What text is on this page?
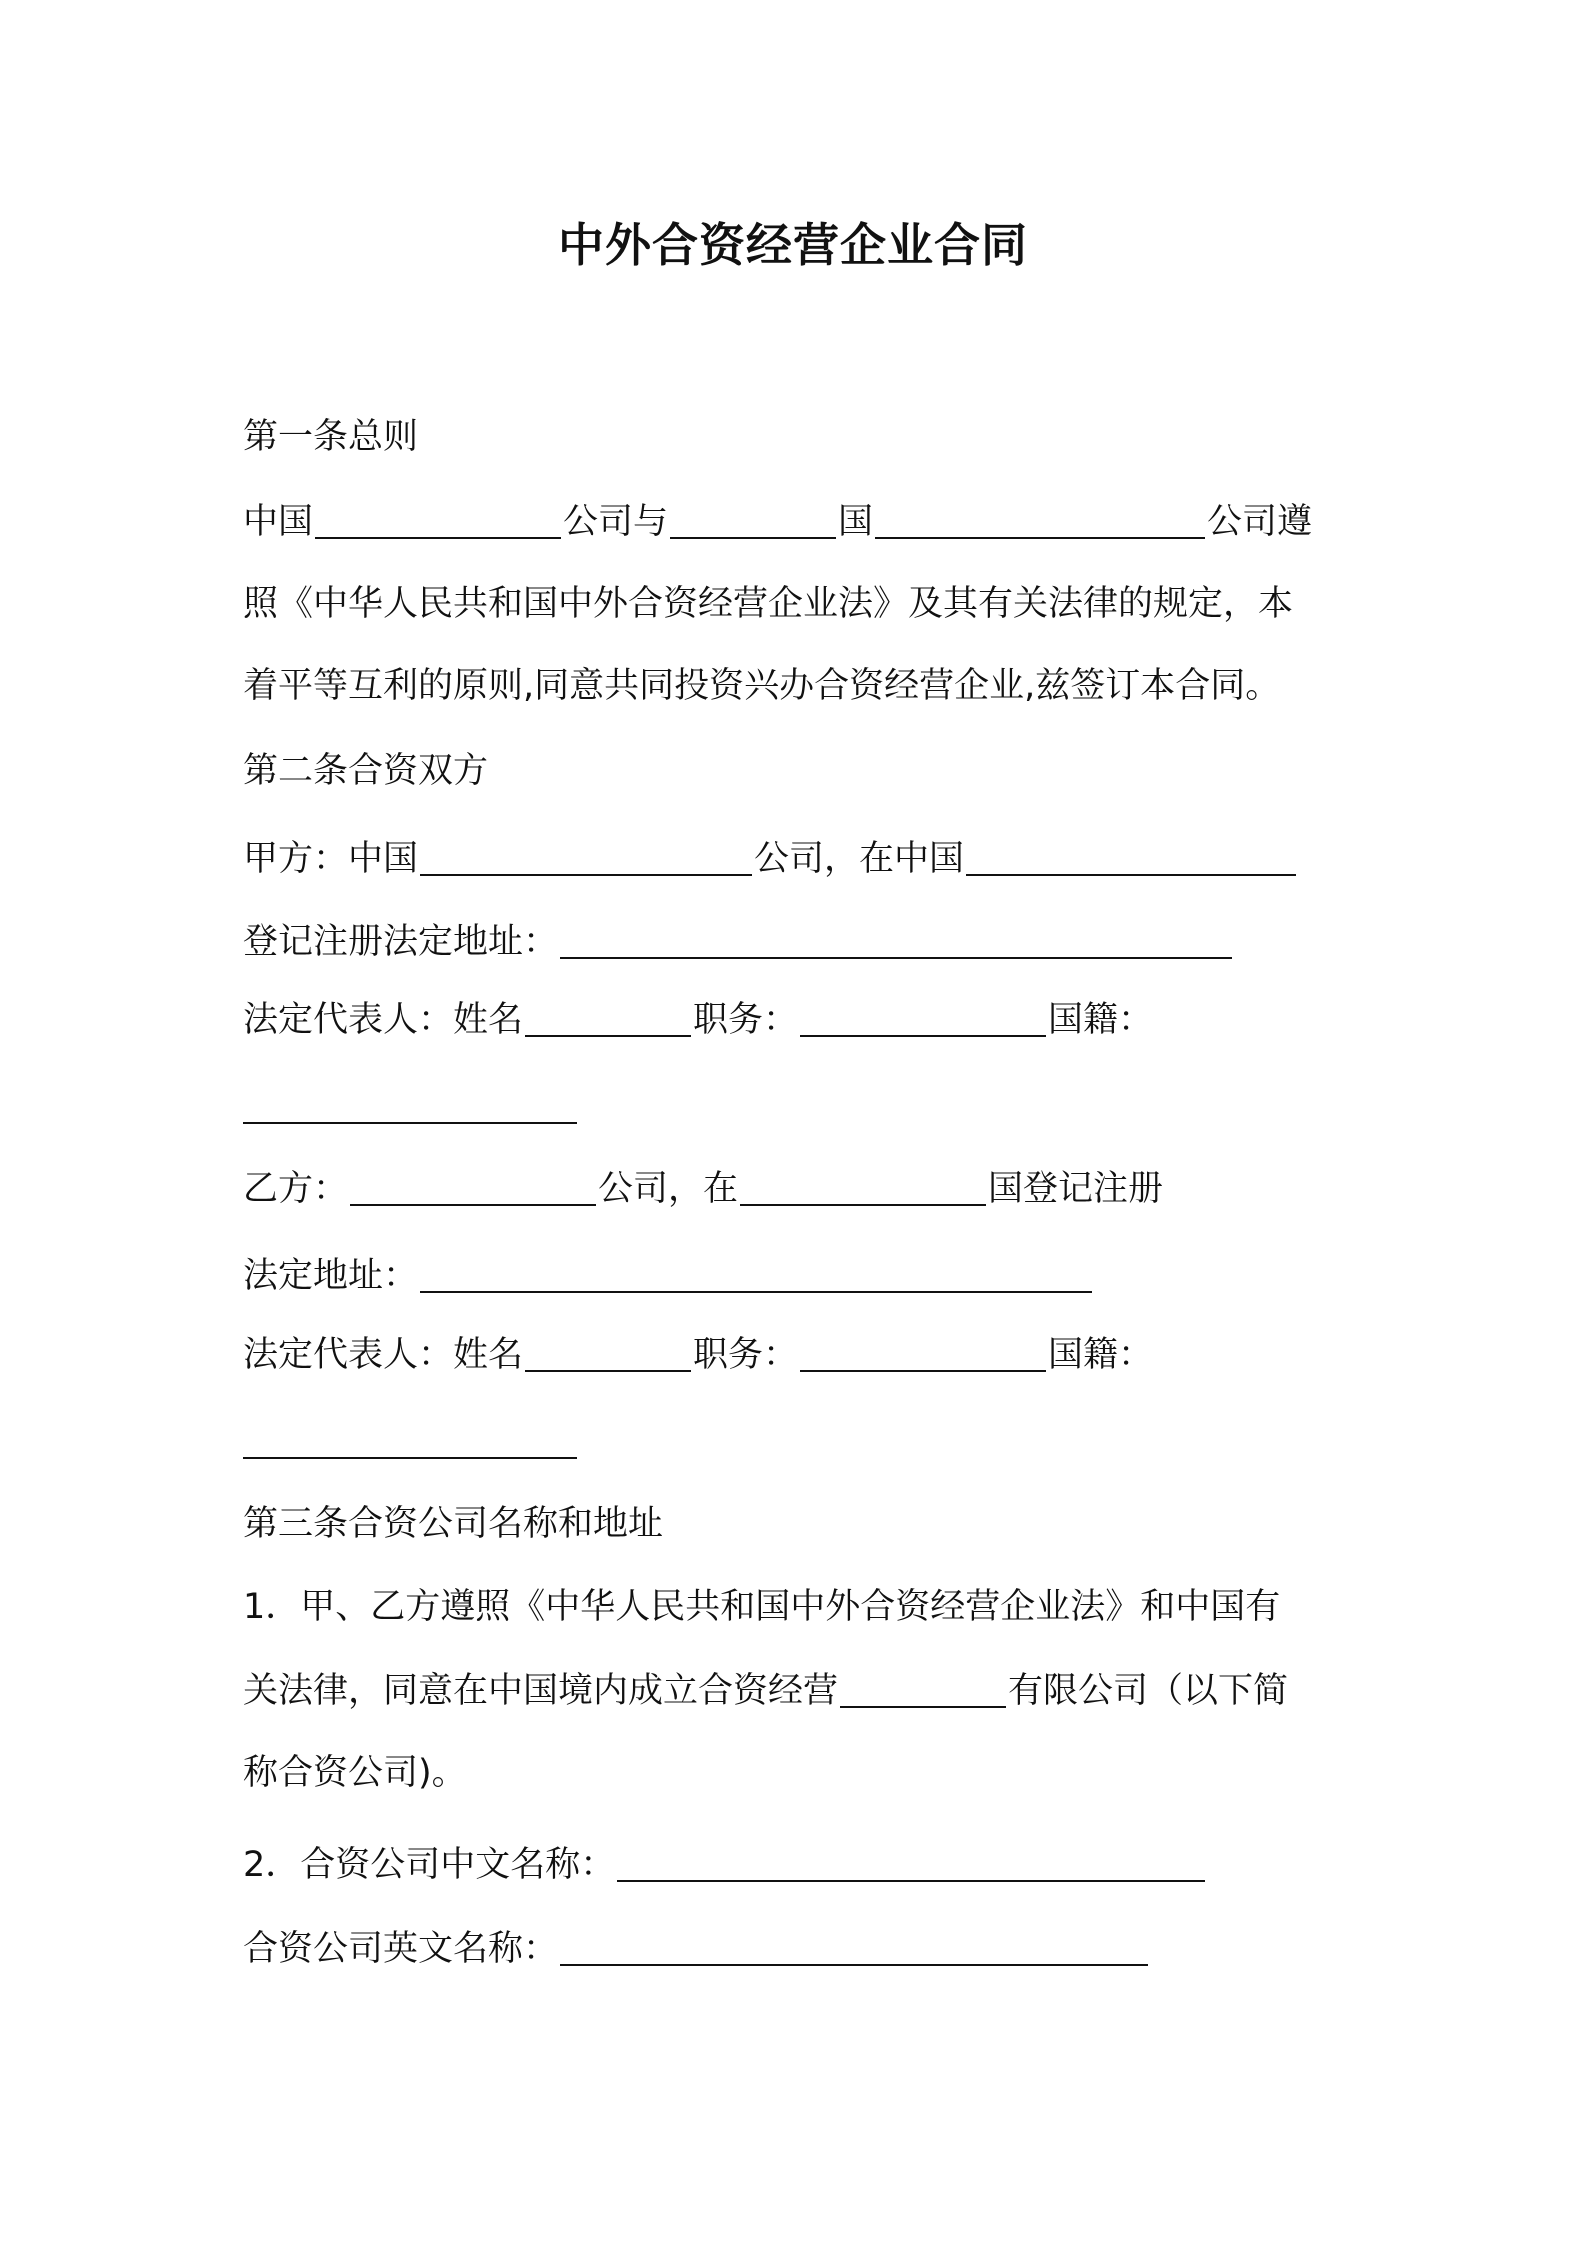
中外合资经营企业合同
第一条总则
中国	公司与	国	公司遵
照《中华人民共和国中外合资经营企业法》及其有关法律的规定，本
着平等互利的原则,同意共同投资兴办合资经营企业,兹签订本合同。
第二条合资双方
甲方：中国	公司，在中国
登记注册法定地址：
法定代表人：姓名	职务：	国籍：
乙方：	公司，在	国登记注册
法定地址：
法定代表人：姓名	职务：	国籍：
第三条合资公司名称和地址
1．甲、乙方遵照《中华人民共和国中外合资经营企业法》和中国有
关法律，同意在中国境内成立合资经营	有限公司（以下简
称合资公司)。
2．合资公司中文名称：
合资公司英文名称：
